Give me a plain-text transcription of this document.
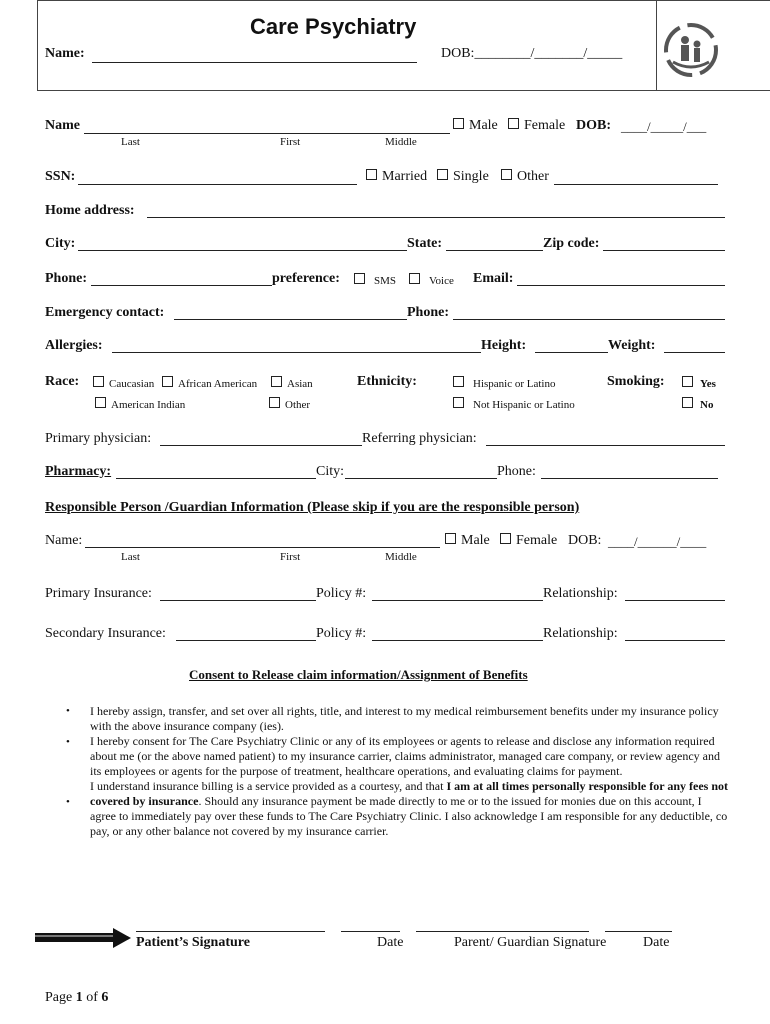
Care Psychiatry
Name:	DOB:________/_______/_____
Name
Last	First	Middle
Male	Female DOB: ____/_____/___
SSN:	Married	Single	Other
Home address:
City:	State:	Zip code:
Phone:	preference:	SMS	Voice Email:
Emergency contact:	Phone:
Allergies:	Height:	Weight:
Race:	Caucasian	African American	Asian
American Indian	Other
Ethnicity:	Hispanic or Latino
Not Hispanic or Latino
Smoking:	Yes
No
Primary physician:	Referring physician:
Pharmacy:	City:	Phone:
Responsible Person /Guardian Information (Please skip if you are the responsible person)
Name:
Last	First	Middle
Male	Female DOB: ____/______/____
Primary Insurance:	Policy #:	Relationship:
Secondary Insurance:	Policy #:	Relationship:
Consent to Release claim information/Assignment of Benefits
•
•
•
I hereby assign, transfer, and set over all rights, title, and interest to my medical reimbursement benefits under my insurance policy with the above insurance company (ies).
I hereby consent for The Care Psychiatry Clinic or any of its employees or agents to release and disclose any information required about me (or the above named patient) to my insurance carrier, claims administrator, managed care company, or review agency and its employees or agents for the purpose of treatment, healthcare operations, and evaluating claims for payment.
I understand insurance billing is a service provided as a courtesy, and that I am at all times personally responsible for any fees not covered by insurance. Should any insurance payment be made directly to me or to the issued for monies due on this account, I agree to immediately pay over these funds to The Care Psychiatry Clinic. I also acknowledge I am responsible for any deductible, co pay, or any other balance not covered by my insurance carrier.
Patient’s Signature	Date	Parent/ Guardian Signature	Date
Page 1 of 6
